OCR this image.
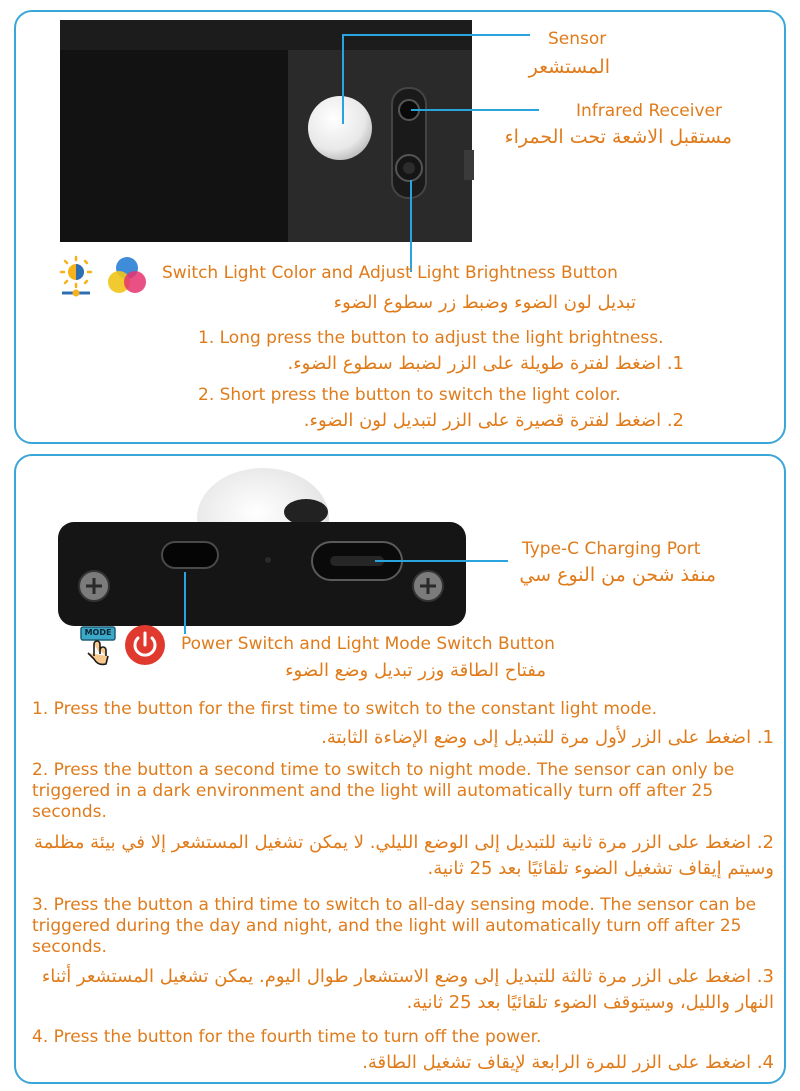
Sensor
المستشعر
Infrared Receiver
مستقبل الاشعة تحت الحمراء
Switch Light Color and Adjust Light Brightness Button
تبديل لون الضوء وضبط زر سطوع الضوء
1. Long press the button to adjust the light brightness.
1. اضغط لفترة طويلة على الزر لضبط سطوع الضوء.
2. Short press the button to switch the light color.
2. اضغط لفترة قصيرة على الزر لتبديل لون الضوء.
Type-C Charging Port
منفذ شحن من النوع سي
MODE
Power Switch and Light Mode Switch Button
مفتاح الطاقة وزر تبديل وضع الضوء
1. Press the button for the first time to switch to the constant light mode.
1. اضغط على الزر لأول مرة للتبديل إلى وضع الإضاءة الثابتة.
2. Press the button a second time to switch to night mode. The sensor can only be triggered in a dark environment and the light will automatically turn off after 25 seconds.
2. اضغط على الزر مرة ثانية للتبديل إلى الوضع الليلي. لا يمكن تشغيل المستشعر إلا في بيئة مظلمة وسيتم إيقاف تشغيل الضوء تلقائيًا بعد 25 ثانية.
3. Press the button a third time to switch to all-day sensing mode. The sensor can be triggered during the day and night, and the light will automatically turn off after 25 seconds.
3. اضغط على الزر مرة ثالثة للتبديل إلى وضع الاستشعار طوال اليوم. يمكن تشغيل المستشعر أثناء النهار والليل، وسيتوقف الضوء تلقائيًا بعد 25 ثانية.
4. Press the button for the fourth time to turn off the power.
4. اضغط على الزر للمرة الرابعة لإيقاف تشغيل الطاقة.
